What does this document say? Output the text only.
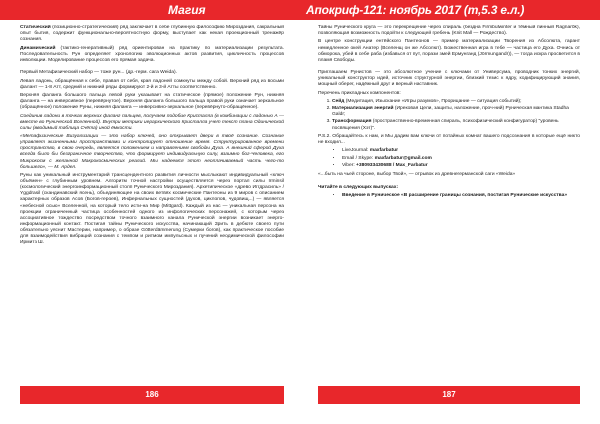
Магия	Апокриф-121: ноябрь 2017 (т,5.3 е.л.)

Статический (позиционно-стратегический) ряд заключает в себе глубинную философию Мироздания, сакральный опыт бытия, содержит функционально-вероятностную форму, выступает как некая проекционный тренажёр сознания.

Динамический (тактико-генеративный) ряд ориентирован на практику по материализации результата. Последовательность Рун определяет хронологию эволюционных актов развития, цикличность процессов инволюции. Моделирование процессов его прямая задача.

Первый Метафизический набор — тоже рун... (др.-герм. сага Weida).

Левая ладонь, обращённая к себе, правая от себя, края ладоней сомкнуты между собой. Верхний ряд из восьми фалант — 1-8 Атт, средний и нижний ряды формируют 2-й и 3-й Атты соответственно.

Верхняя фаланга большого пальца левой руки указывает на статическое (прямое) положение Рун, нижняя фаланга — на инверсивное (перевёрнутое). Верхняя фаланга большого пальца правой руки означает зеркальное (обращённое) положение Руны, нижняя фаланга — инверсивно-зеркальное (перевёрнуто-обращённое).

Соединив ладони в точках верхних фаланг пальцев, получаем подобие Кристалла (в комбинации с ладонью А — вместе во Рунической Вселенной). Внутри метрики иерархического Кристалла учет текст плана Одинической силы (вводимый таблица Счёта) иной ёмкости.

«Метафизические Визуализации — это набор ключей, оно открывает двери в твоё сознание. Сознание управляет жизненными пространствами и контролирует отношение время. Структурированное времени пространство, в свою очередь, является положением и направлением свободы Духа. А внешний сферой Духа всегда было бы безграничное творчество, что формирует индивидуальную силу, взаимно бог-Человека, его Микрокосм с желанной Макрокосмических реалий. Мы надеемся этот неоплачиваемый часть чего-то большего», — М. Ардел.

Руны как уникальный инструментарий трансцендентного развития личности мыслыкают индивидуальный «ключ объёмен» с глубинным уровнем. Алгоритм точной настройки осуществляется через портал силы Irminsil (космологический энергоинформационный столп Рунического Мироздания). Архетипическое «древо Иггдрасиль» / Yggdrasil (скандинавский ясень), объединяющее на своих ветвях космические Пантеоны из 9 миров с описанием характерных образов Асов (Богов-героев), Инфернальных сущностей (духов, циклопов, чудовищ...) — является «небесной осью» Вселенной, на который тело исти-на Мир (Mittgard). Каждый из нас — уникальная персона на проекции ограниченный частица особенностей одного из инфологических персонажей, с которым через ассоциативное тождество посредством точного взаимного канала Рунической энергии возникает энерго-информационный контакт. Постигая тайны Рунического искусства, начинающий Зрить в дебюте своего пути обязательно уяснит Мастерии, например, о образе Götterdämmerung (Сумерки богов), как практическое пособие для взаимодействия вибраций сознания с темпом и ритмом импульсных и пучений неодимической философии Ирмитз Ш.

Тайны Рунического круга — это перекрещение через спираль (бездна Firmbulwinter и тёмный пинный Ragnarök), позволяющая возможность подойти к следующей гребень (Knit Mall — Рождество).

В центре конструкции ентёйского Пантеонов — пример материализации Творения из Абсолюта, гарант немедленное окей Анатер (Вселенщ он же Абсолют). Божественная игра в тебе — частица его Духа. Очнись от обморока, убей в себе раба (избавься от пут, порази змей Ермунганд (Jörmungandr)), — тогда искра просветится в пламя Свободы.

Приглашаем Рунистов — это абсолютное учение с ключами от Универсума, проводник тонких энергий, уникальный конструктор идей, источник структурной энергии, близкий тезис к ядру, кодифицирующий знания, мощный оберег, надёжный друг и верный наставник.

Перечень прикладных компонентов:

1. Сейд (Медитация, Изыскание «Игры разумов», Прорицание — ситуация событий);
2. Материализация энергий (Ирековая Цели, защиты, наложение, проч-ний) Руническая мантика Stadha Galdr;
3. Трансформация (пространственно-временная спираль, психофизический конфигуратор) "уровень посвящения (Хэт)".

P.S.2. Обращайтесь к нам, и Мы дадим вам ключи от потайных комнат вашего подсознания в которые ещё никто не входил...

• LiveJournal: maxfarbatur
• Email / Skype: maxfarbatur@gmail.com
• Viber: +380933430688 / Max_Farbatur

«...быть на чьей стороне, выбор Твой», — отрывок из древнегерманской саги «Weida»

Читайте в следующих выпусках:

• Введение в Руническое «В расширение границы сознания, постигая Рунические искусства»
186	187
